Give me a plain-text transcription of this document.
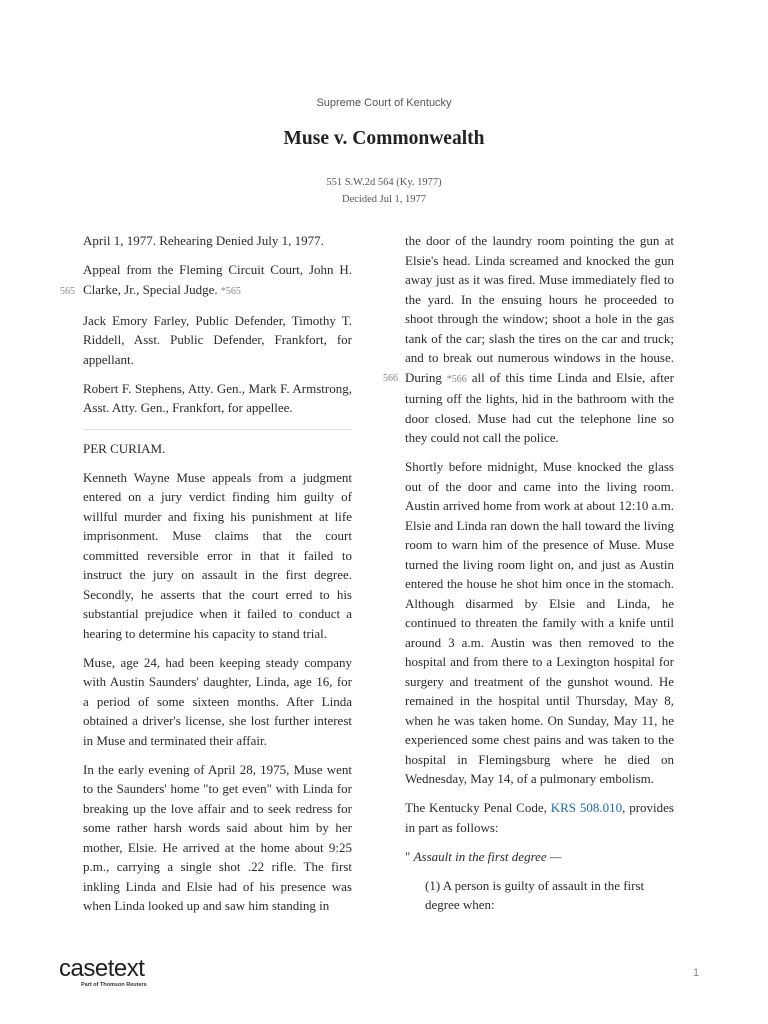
Supreme Court of Kentucky
Muse v. Commonwealth
551 S.W.2d 564 (Ky. 1977)
Decided Jul 1, 1977
565
566

April 1, 1977. Rehearing Denied July 1, 1977.

Appeal from the Fleming Circuit Court, John H. Clarke, Jr., Special Judge. *565

Jack Emory Farley, Public Defender, Timothy T. Riddell, Asst. Public Defender, Frankfort, for appellant.

Robert F. Stephens, Atty. Gen., Mark F. Armstrong, Asst. Atty. Gen., Frankfort, for appellee.

PER CURIAM.

Kenneth Wayne Muse appeals from a judgment entered on a jury verdict finding him guilty of willful murder and fixing his punishment at life imprisonment. Muse claims that the court committed reversible error in that it failed to instruct the jury on assault in the first degree. Secondly, he asserts that the court erred to his substantial prejudice when it failed to conduct a hearing to determine his capacity to stand trial.

Muse, age 24, had been keeping steady company with Austin Saunders' daughter, Linda, age 16, for a period of some sixteen months. After Linda obtained a driver's license, she lost further interest in Muse and terminated their affair.

In the early evening of April 28, 1975, Muse went to the Saunders' home "to get even" with Linda for breaking up the love affair and to seek redress for some rather harsh words said about him by her mother, Elsie. He arrived at the home about 9:25 p.m., carrying a single shot .22 rifle. The first inkling Linda and Elsie had of his presence was when Linda looked up and saw him standing in

the door of the laundry room pointing the gun at Elsie's head. Linda screamed and knocked the gun away just as it was fired. Muse immediately fled to the yard. In the ensuing hours he proceeded to shoot through the window; shoot a hole in the gas tank of the car; slash the tires on the car and truck; and to break out numerous windows in the house. During *566 all of this time Linda and Elsie, after turning off the lights, hid in the bathroom with the door closed. Muse had cut the telephone line so they could not call the police.

Shortly before midnight, Muse knocked the glass out of the door and came into the living room. Austin arrived home from work at about 12:10 a.m. Elsie and Linda ran down the hall toward the living room to warn him of the presence of Muse. Muse turned the living room light on, and just as Austin entered the house he shot him once in the stomach. Although disarmed by Elsie and Linda, he continued to threaten the family with a knife until around 3 a.m. Austin was then removed to the hospital and from there to a Lexington hospital for surgery and treatment of the gunshot wound. He remained in the hospital until Thursday, May 8, when he was taken home. On Sunday, May 11, he experienced some chest pains and was taken to the hospital in Flemingsburg where he died on Wednesday, May 14, of a pulmonary embolism.

The Kentucky Penal Code, KRS 508.010, provides in part as follows:

" Assault in the first degree —

(1) A person is guilty of assault in the first degree when:

casetext
Part of Thomson Reuters
1
